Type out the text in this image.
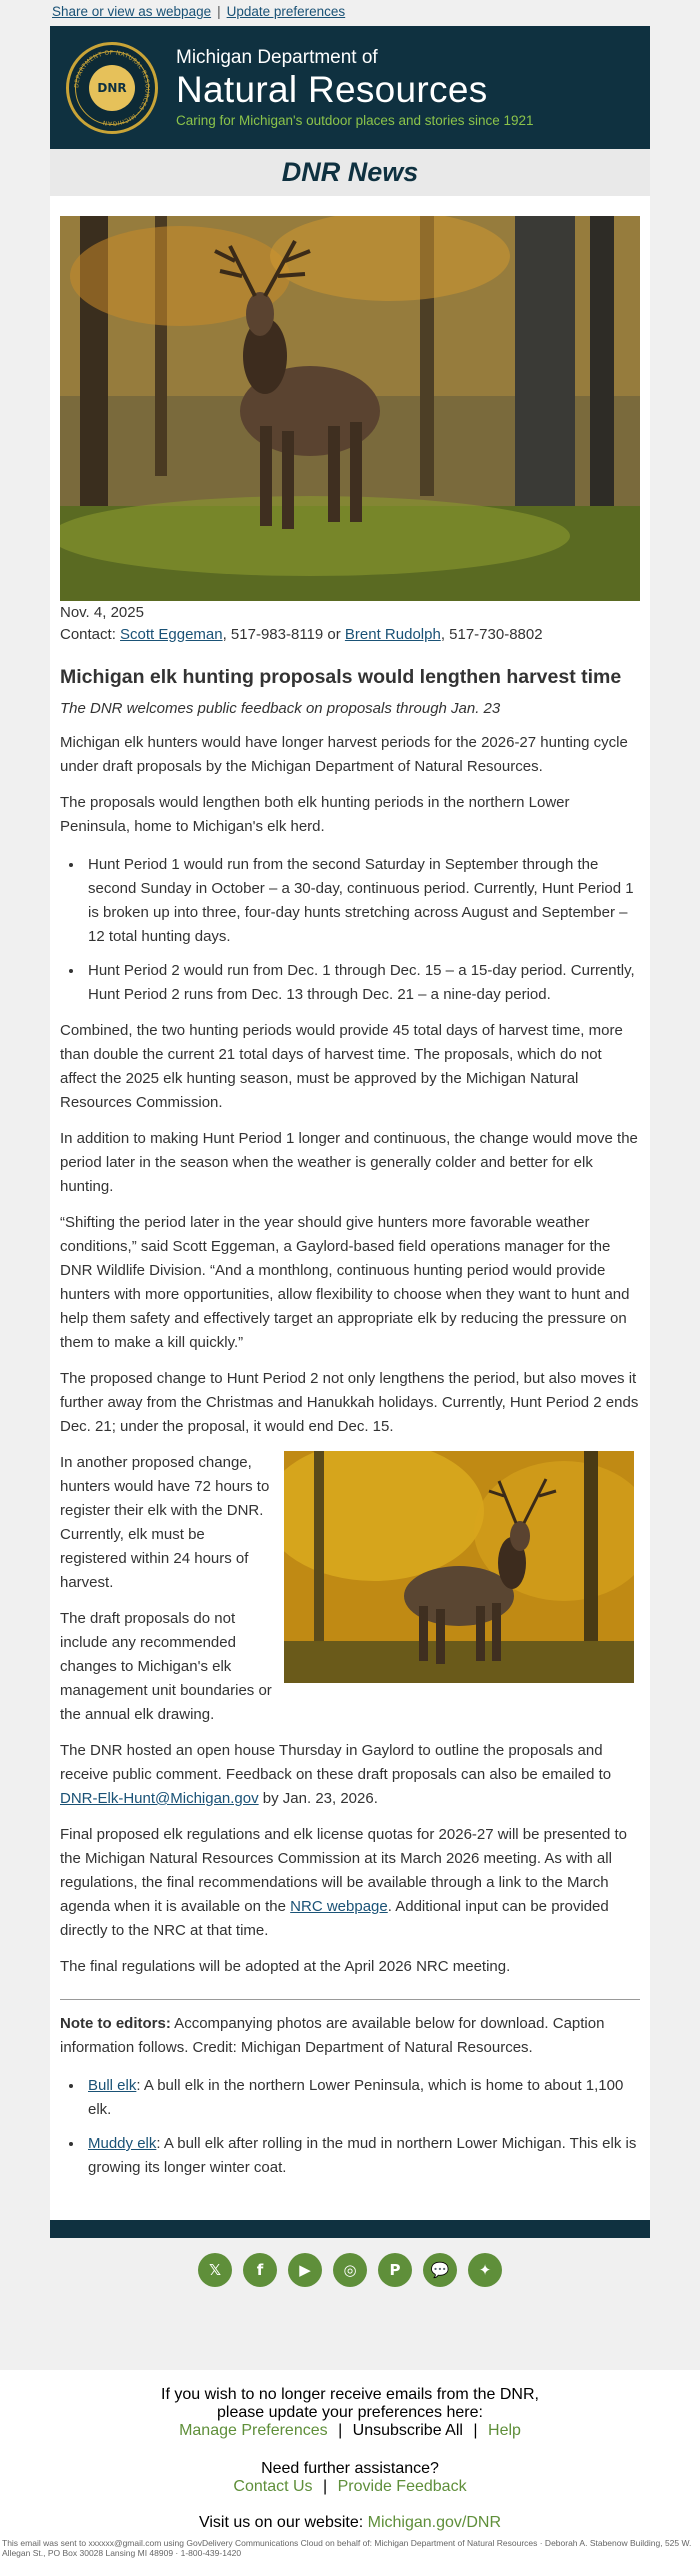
Share or view as webpage | Update preferences
DEPARTMENT OF NATURAL RESOURCES · MICHIGAN
DNR
Michigan Department of
Natural Resources
Caring for Michigan's outdoor places and stories since 1921
DNR News
Nov. 4, 2025
Contact: Scott Eggeman, 517-983-8119 or Brent Rudolph, 517-730-8802
Michigan elk hunting proposals would lengthen harvest time
The DNR welcomes public feedback on proposals through Jan. 23

Michigan elk hunters would have longer harvest periods for the 2026-27 hunting cycle under draft proposals by the Michigan Department of Natural Resources.

The proposals would lengthen both elk hunting periods in the northern Lower Peninsula, home to Michigan's elk herd.

• Hunt Period 1 would run from the second Saturday in September through the second Sunday in October – a 30-day, continuous period. Currently, Hunt Period 1 is broken up into three, four-day hunts stretching across August and September – 12 total hunting days.
• Hunt Period 2 would run from Dec. 1 through Dec. 15 – a 15-day period. Currently, Hunt Period 2 runs from Dec. 13 through Dec. 21 – a nine-day period.

Combined, the two hunting periods would provide 45 total days of harvest time, more than double the current 21 total days of harvest time. The proposals, which do not affect the 2025 elk hunting season, must be approved by the Michigan Natural Resources Commission.

In addition to making Hunt Period 1 longer and continuous, the change would move the period later in the season when the weather is generally colder and better for elk hunting.

“Shifting the period later in the year should give hunters more favorable weather conditions,” said Scott Eggeman, a Gaylord-based field operations manager for the DNR Wildlife Division. “And a monthlong, continuous hunting period would provide hunters with more opportunities, allow flexibility to choose when they want to hunt and help them safety and effectively target an appropriate elk by reducing the pressure on them to make a kill quickly.”

The proposed change to Hunt Period 2 not only lengthens the period, but also moves it further away from the Christmas and Hanukkah holidays. Currently, Hunt Period 2 ends Dec. 21; under the proposal, it would end Dec. 15.

In another proposed change, hunters would have 72 hours to register their elk with the DNR. Currently, elk must be registered within 24 hours of harvest.

The draft proposals do not include any recommended changes to Michigan's elk management unit boundaries or the annual elk drawing.

The DNR hosted an open house Thursday in Gaylord to outline the proposals and receive public comment. Feedback on these draft proposals can also be emailed to DNR-Elk-Hunt@Michigan.gov by Jan. 23, 2026.

Final proposed elk regulations and elk license quotas for 2026-27 will be presented to the Michigan Natural Resources Commission at its March 2026 meeting. As with all regulations, the final recommendations will be available through a link to the March agenda when it is available on the NRC webpage. Additional input can be provided directly to the NRC at that time.

The final regulations will be adopted at the April 2026 NRC meeting.

Note to editors: Accompanying photos are available below for download. Caption information follows. Credit: Michigan Department of Natural Resources.

• Bull elk: A bull elk in the northern Lower Peninsula, which is home to about 1,100 elk.
• Muddy elk: A bull elk after rolling in the mud in northern Lower Michigan. This elk is growing its longer winter coat.
𝕏	f	▶	◎	P	💬	✦
If you wish to no longer receive emails from the DNR,
please update your preferences here:
Manage Preferences | Unsubscribe All | Help
Need further assistance?
Contact Us | Provide Feedback
Visit us on our website: Michigan.gov/DNR
This email was sent to xxxxxx@gmail.com using GovDelivery Communications Cloud on behalf of: Michigan Department of Natural Resources · Deborah A. Stabenow Building, 525 W. Allegan St., PO Box 30028 Lansing MI 48909 · 1-800-439-1420
